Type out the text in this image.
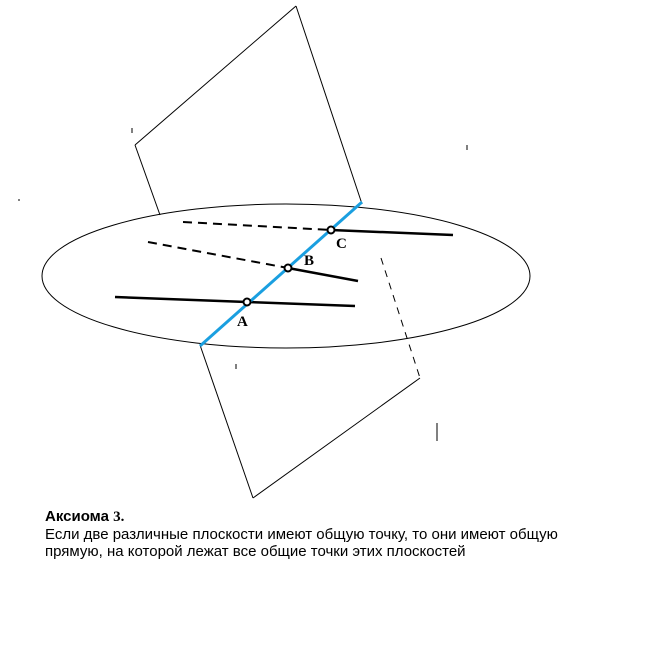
A
B
C

Аксиома 3.

Если две различные плоскости имеют общую точку, то они имеют общую прямую, на которой лежат все общие точки этих плоскостей
